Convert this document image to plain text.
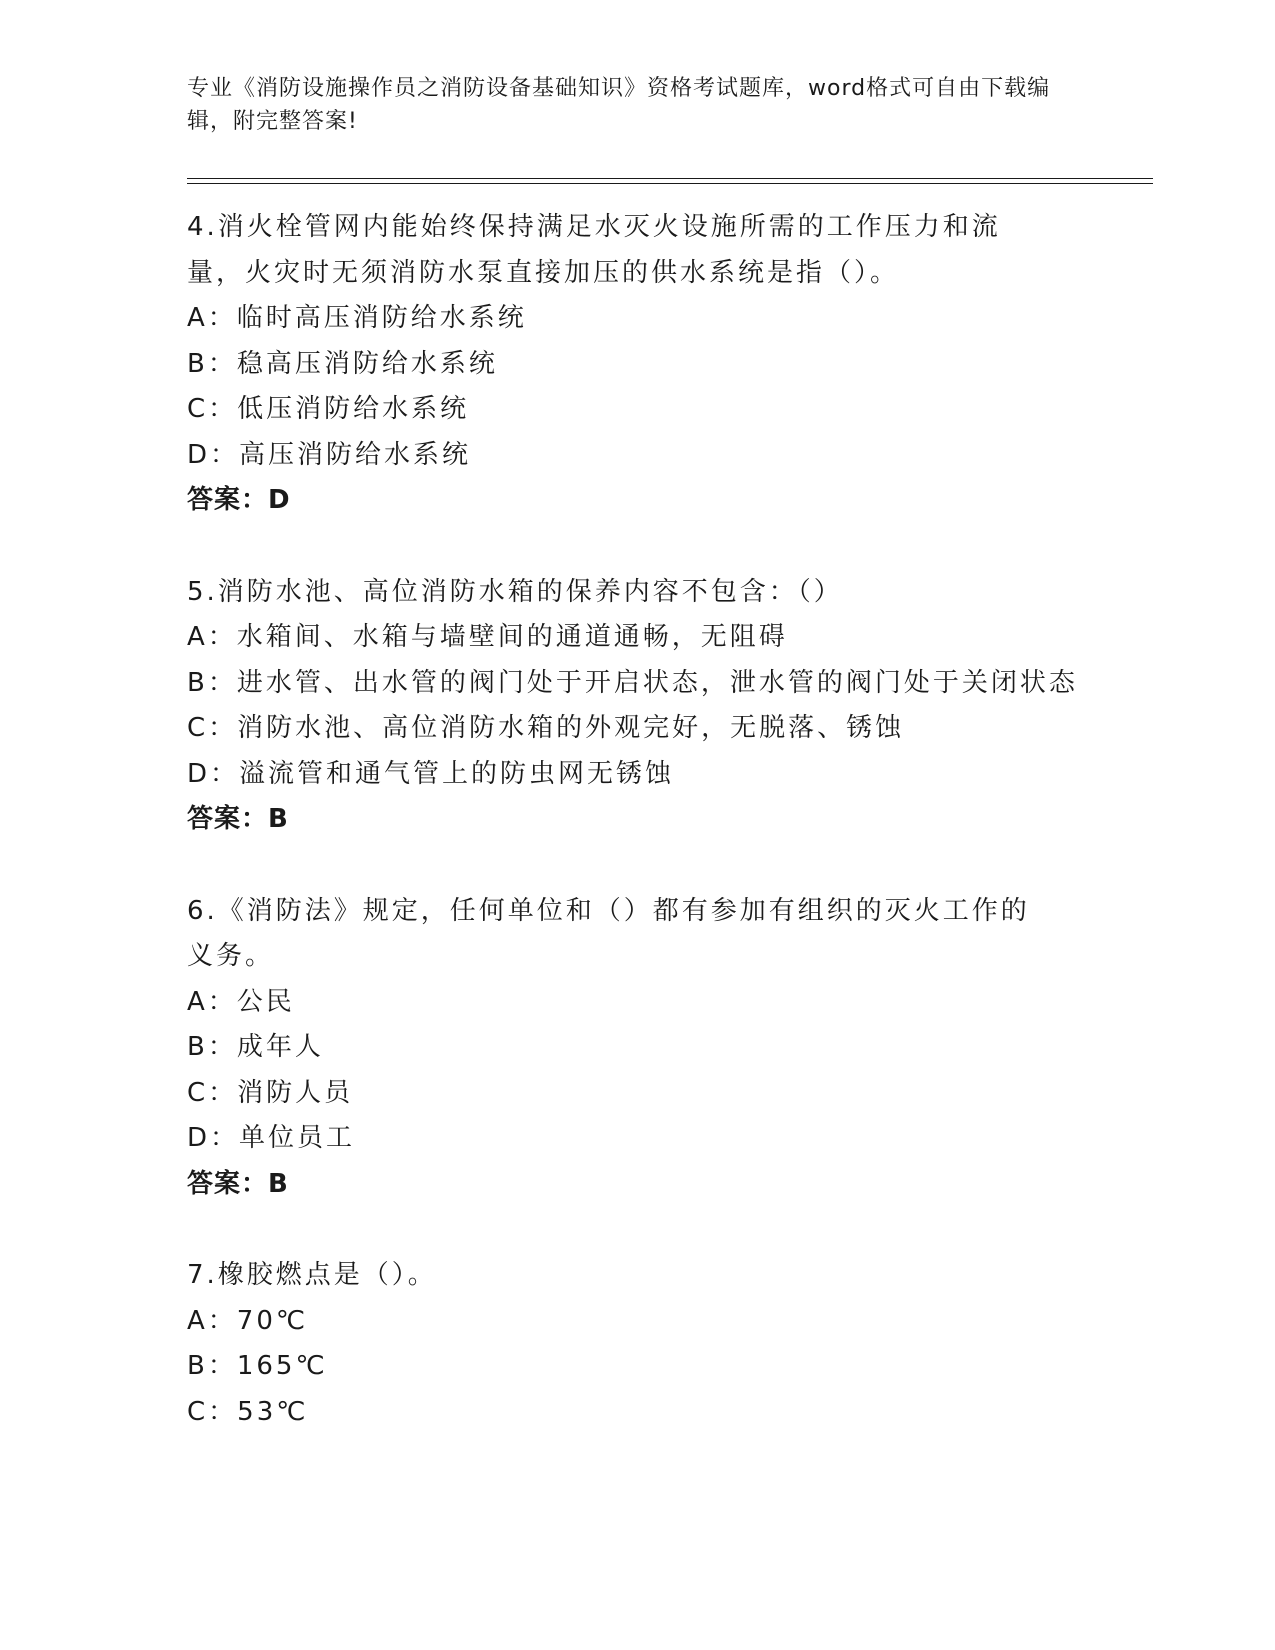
专业《消防设施操作员之消防设备基础知识》资格考试题库，word格式可自由下载编辑，附完整答案!
4.消火栓管网内能始终保持满足水灭火设施所需的工作压力和流量，火灾时无须消防水泵直接加压的供水系统是指（）。
A：临时高压消防给水系统
B：稳高压消防给水系统
C：低压消防给水系统
D：高压消防给水系统
答案：D
5.消防水池、高位消防水箱的保养内容不包含：（）
A：水箱间、水箱与墙壁间的通道通畅，无阻碍
B：进水管、出水管的阀门处于开启状态，泄水管的阀门处于关闭状态
C：消防水池、高位消防水箱的外观完好，无脱落、锈蚀
D：溢流管和通气管上的防虫网无锈蚀
答案：B
6.《消防法》规定，任何单位和（）都有参加有组织的灭火工作的义务。
A：公民
B：成年人
C：消防人员
D：单位员工
答案：B
7.橡胶燃点是（）。
A：70℃
B：165℃
C：53℃
